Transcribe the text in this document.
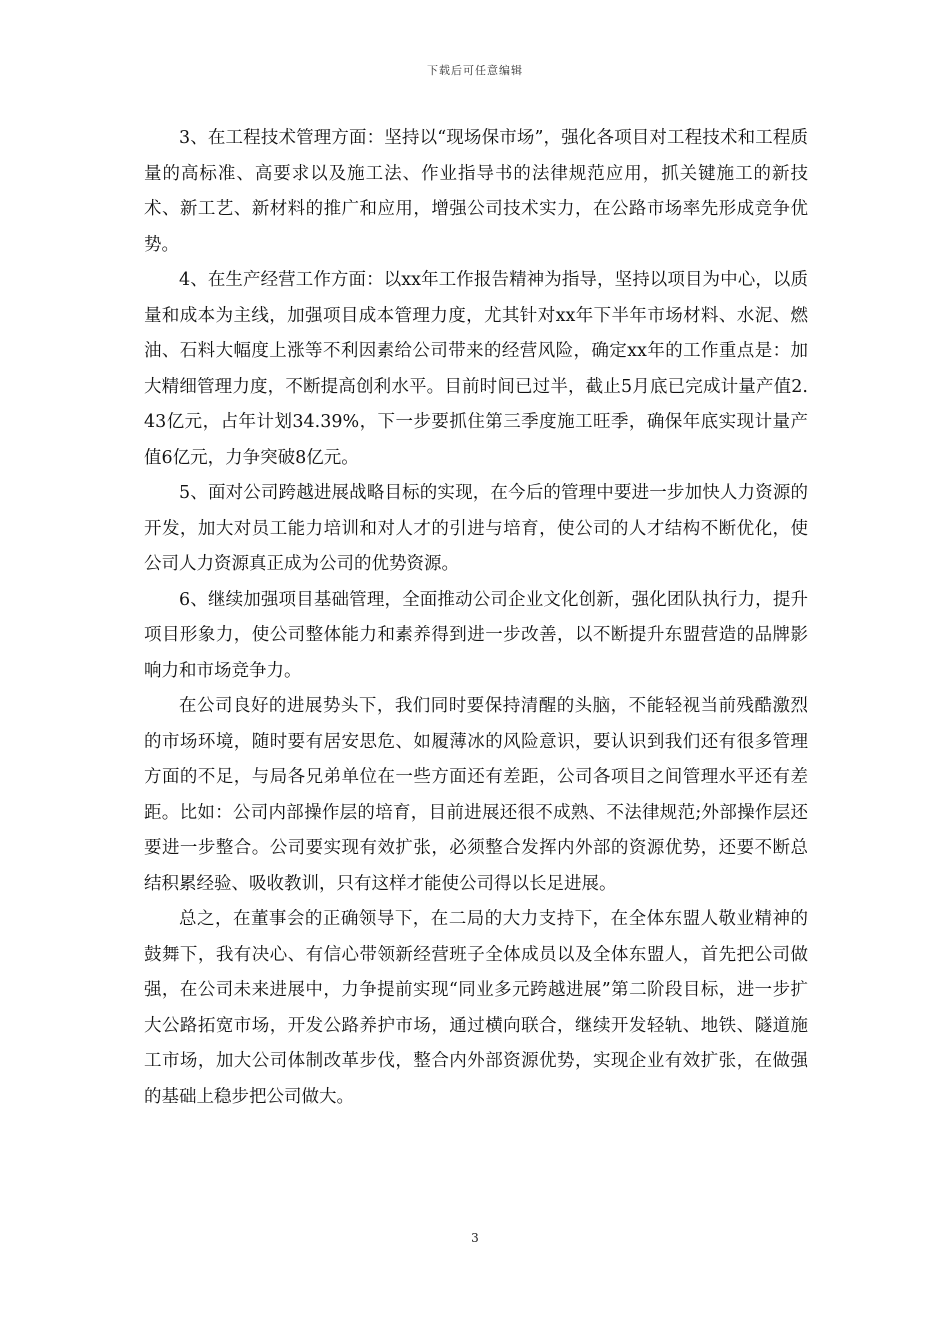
下载后可任意编辑

3、在工程技术管理方面：坚持以“现场保市场”，强化各项目对工程技术和工程质量的高标准、高要求以及施工法、作业指导书的法律规范应用，抓关键施工的新技术、新工艺、新材料的推广和应用，增强公司技术实力，在公路市场率先形成竞争优势。

4、在生产经营工作方面：以xx年工作报告精神为指导，坚持以项目为中心，以质量和成本为主线，加强项目成本管理力度，尤其针对xx年下半年市场材料、水泥、燃油、石料大幅度上涨等不利因素给公司带来的经营风险，确定xx年的工作重点是：加大精细管理力度，不断提高创利水平。目前时间已过半，截止5月底已完成计量产值2.43亿元，占年计划34.39%，下一步要抓住第三季度施工旺季，确保年底实现计量产值6亿元，力争突破8亿元。

5、面对公司跨越进展战略目标的实现，在今后的管理中要进一步加快人力资源的开发，加大对员工能力培训和对人才的引进与培育，使公司的人才结构不断优化，使公司人力资源真正成为公司的优势资源。

6、继续加强项目基础管理，全面推动公司企业文化创新，强化团队执行力，提升项目形象力，使公司整体能力和素养得到进一步改善，以不断提升东盟营造的品牌影响力和市场竞争力。

在公司良好的进展势头下，我们同时要保持清醒的头脑，不能轻视当前残酷激烈的市场环境，随时要有居安思危、如履薄冰的风险意识，要认识到我们还有很多管理方面的不足，与局各兄弟单位在一些方面还有差距，公司各项目之间管理水平还有差距。比如：公司内部操作层的培育，目前进展还很不成熟、不法律规范;外部操作层还要进一步整合。公司要实现有效扩张，必须整合发挥内外部的资源优势，还要不断总结积累经验、吸收教训，只有这样才能使公司得以长足进展。

总之，在董事会的正确领导下，在二局的大力支持下，在全体东盟人敬业精神的鼓舞下，我有决心、有信心带领新经营班子全体成员以及全体东盟人，首先把公司做强，在公司未来进展中，力争提前实现“同业多元跨越进展”第二阶段目标，进一步扩大公路拓宽市场，开发公路养护市场，通过横向联合，继续开发轻轨、地铁、隧道施工市场，加大公司体制改革步伐，整合内外部资源优势，实现企业有效扩张，在做强的基础上稳步把公司做大。

3
